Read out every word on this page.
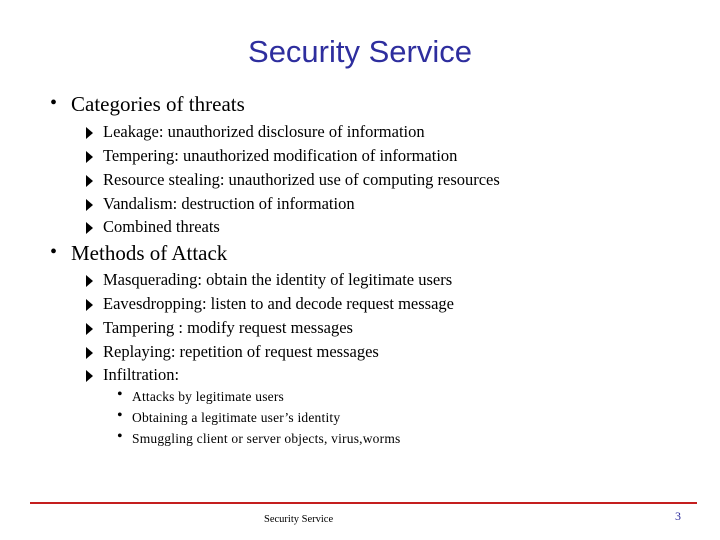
Security Service
• Categories of threats
Leakage: unauthorized disclosure of information
Tempering: unauthorized modification of information
Resource stealing: unauthorized use of computing resources
Vandalism: destruction of information
Combined threats
• Methods of Attack
Masquerading: obtain the identity of legitimate users
Eavesdropping: listen to and decode request message
Tampering : modify request messages
Replaying: repetition of request messages
Infiltration:
• Attacks by legitimate users
• Obtaining a legitimate user’s identity
• Smuggling client or server objects, virus,worms
Security Service	3
